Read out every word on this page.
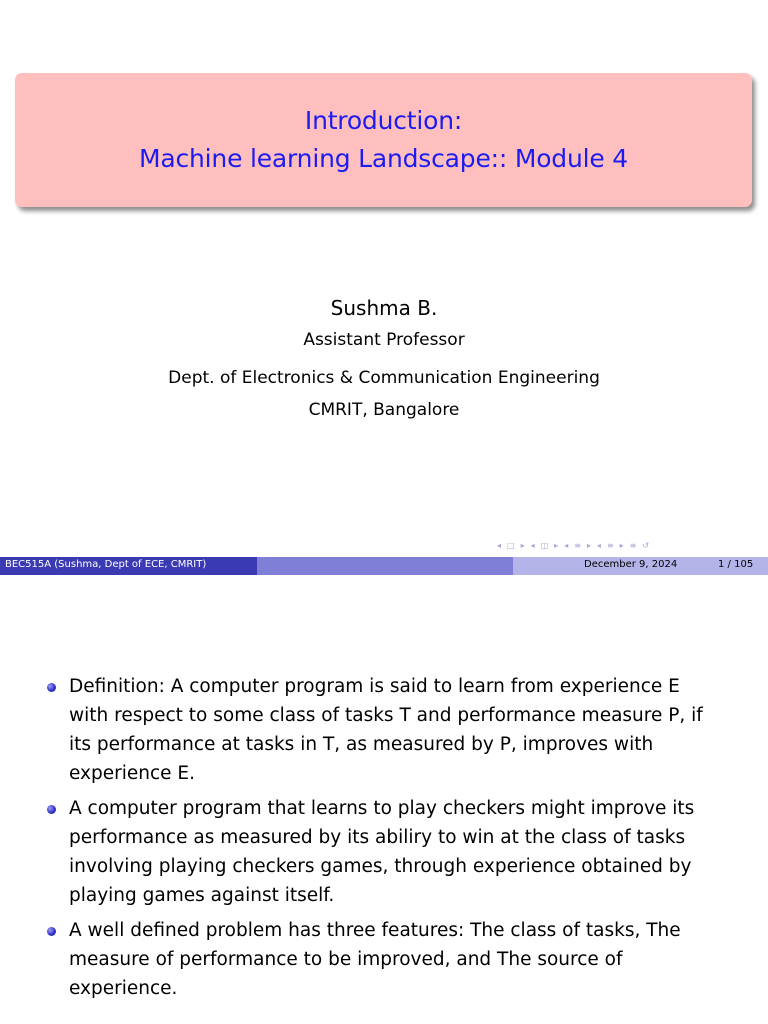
Introduction:
Machine learning Landscape:: Module 4
Sushma B.
Assistant Professor
Dept. of Electronics & Communication Engineering
CMRIT, Bangalore
◂ □ ▸ ◂ ◫ ▸ ◂ ≡ ▸ ◂ ≡ ▸ ≡ ↺
BEC515A (Sushma, Dept of ECE, CMRIT)	December 9, 2024	1 / 105
Definition: A computer program is said to learn from experience E
with respect to some class of tasks T and performance measure P, if
its performance at tasks in T, as measured by P, improves with
experience E.
A computer program that learns to play checkers might improve its
performance as measured by its abiliry to win at the class of tasks
involving playing checkers games, through experience obtained by
playing games against itself.
A well defined problem has three features: The class of tasks, The
measure of performance to be improved, and The source of
experience.
